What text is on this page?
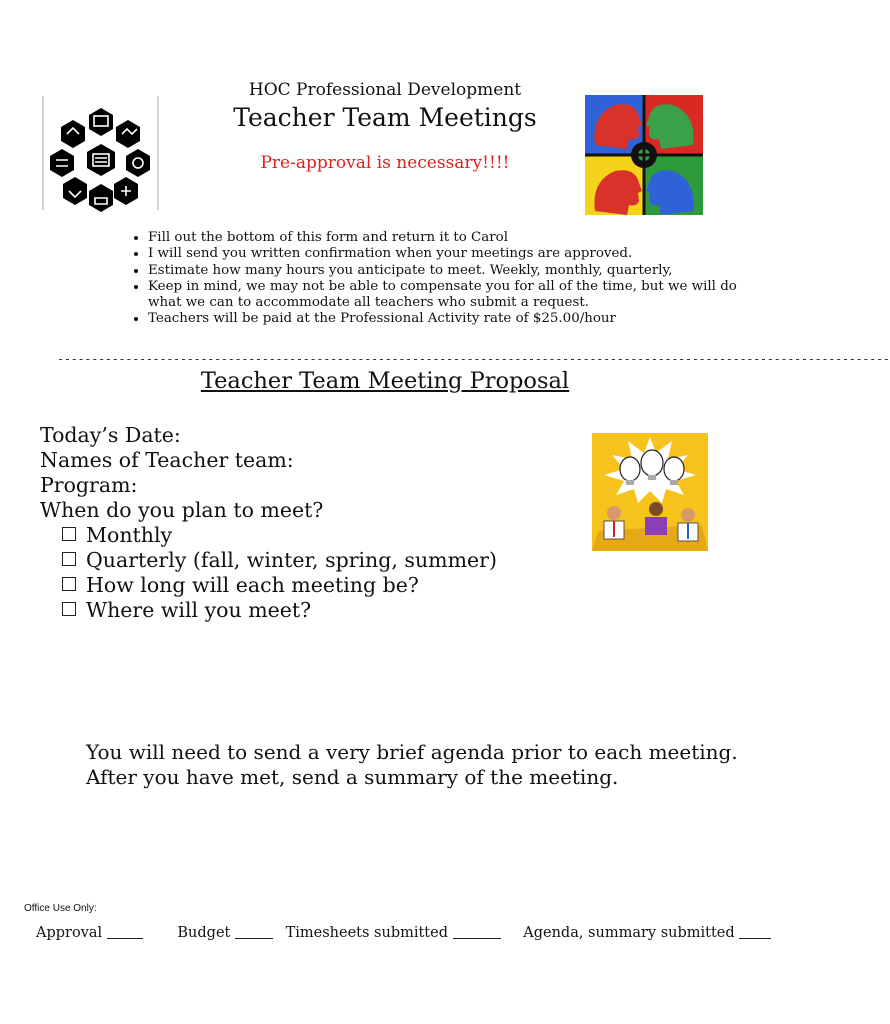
HOC Professional Development
Teacher Team Meetings
Pre-approval is necessary!!!!
• Fill out the bottom of this form and return it to Carol
• I will send you written confirmation when your meetings are approved.
• Estimate how many hours you anticipate to meet. Weekly, monthly, quarterly,
• Keep in mind, we may not be able to compensate you for all of the time, but we will do what we can to accommodate all teachers who submit a request.
• Teachers will be paid at the Professional Activity rate of $25.00/hour
--------------------------------------------------------------------------------------------------------------------------
Teacher Team Meeting Proposal
Today’s Date:
Names of Teacher team:
Program:
When do you plan to meet?
Monthly
Quarterly (fall, winter, spring, summer)
How long will each meeting be?
Where will you meet?
You will need to send a very brief agenda prior to each meeting.
After you have met, send a summary of the meeting.
Office Use Only:
Approval	Budget	Timesheets submitted	Agenda, summary submitted
